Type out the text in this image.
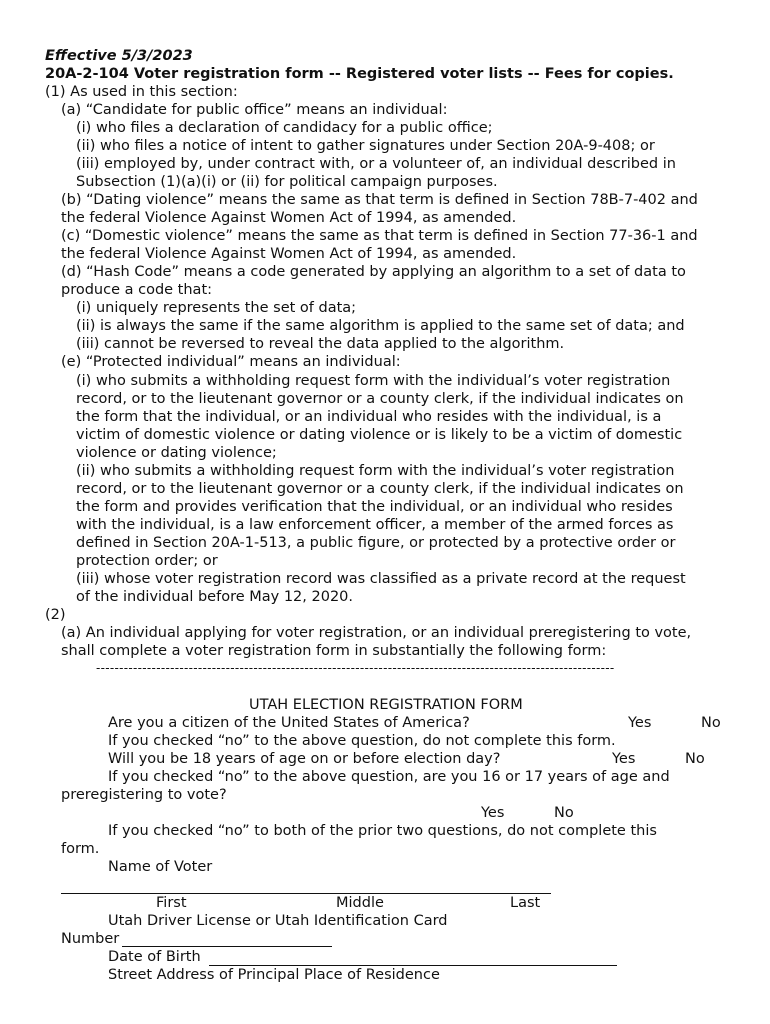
Effective 5/3/2023
20A-2-104 Voter registration form -- Registered voter lists -- Fees for copies.
(1) As used in this section:
(a) “Candidate for public office” means an individual:
(i) who files a declaration of candidacy for a public office;
(ii) who files a notice of intent to gather signatures under Section 20A-9-408; or
(iii) employed by, under contract with, or a volunteer of, an individual described in
Subsection (1)(a)(i) or (ii) for political campaign purposes.
(b) “Dating violence” means the same as that term is defined in Section 78B-7-402 and
the federal Violence Against Women Act of 1994, as amended.
(c) “Domestic violence” means the same as that term is defined in Section 77-36-1 and
the federal Violence Against Women Act of 1994, as amended.
(d) “Hash Code” means a code generated by applying an algorithm to a set of data to
produce a code that:
(i) uniquely represents the set of data;
(ii) is always the same if the same algorithm is applied to the same set of data; and
(iii) cannot be reversed to reveal the data applied to the algorithm.
(e) “Protected individual” means an individual:
(i) who submits a withholding request form with the individual’s voter registration
record, or to the lieutenant governor or a county clerk, if the individual indicates on
the form that the individual, or an individual who resides with the individual, is a
victim of domestic violence or dating violence or is likely to be a victim of domestic
violence or dating violence;
(ii) who submits a withholding request form with the individual’s voter registration
record, or to the lieutenant governor or a county clerk, if the individual indicates on
the form and provides verification that the individual, or an individual who resides
with the individual, is a law enforcement officer, a member of the armed forces as
defined in Section 20A-1-513, a public figure, or protected by a protective order or
protection order; or
(iii) whose voter registration record was classified as a private record at the request
of the individual before May 12, 2020.
(2)
(a) An individual applying for voter registration, or an individual preregistering to vote,
shall complete a voter registration form in substantially the following form:
----------------------------------------------------------------------------------------------------------------
UTAH ELECTION REGISTRATION FORM
Are you a citizen of the United States of America?	Yes	No
If you checked “no” to the above question, do not complete this form.
Will you be 18 years of age on or before election day?	Yes	No
If you checked “no” to the above question, are you 16 or 17 years of age and
preregistering to vote?
Yes	No
If you checked “no” to both of the prior two questions, do not complete this
form.
Name of Voter
First	Middle	Last
Utah Driver License or Utah Identification Card
Number
Date of Birth
Street Address of Principal Place of Residence
